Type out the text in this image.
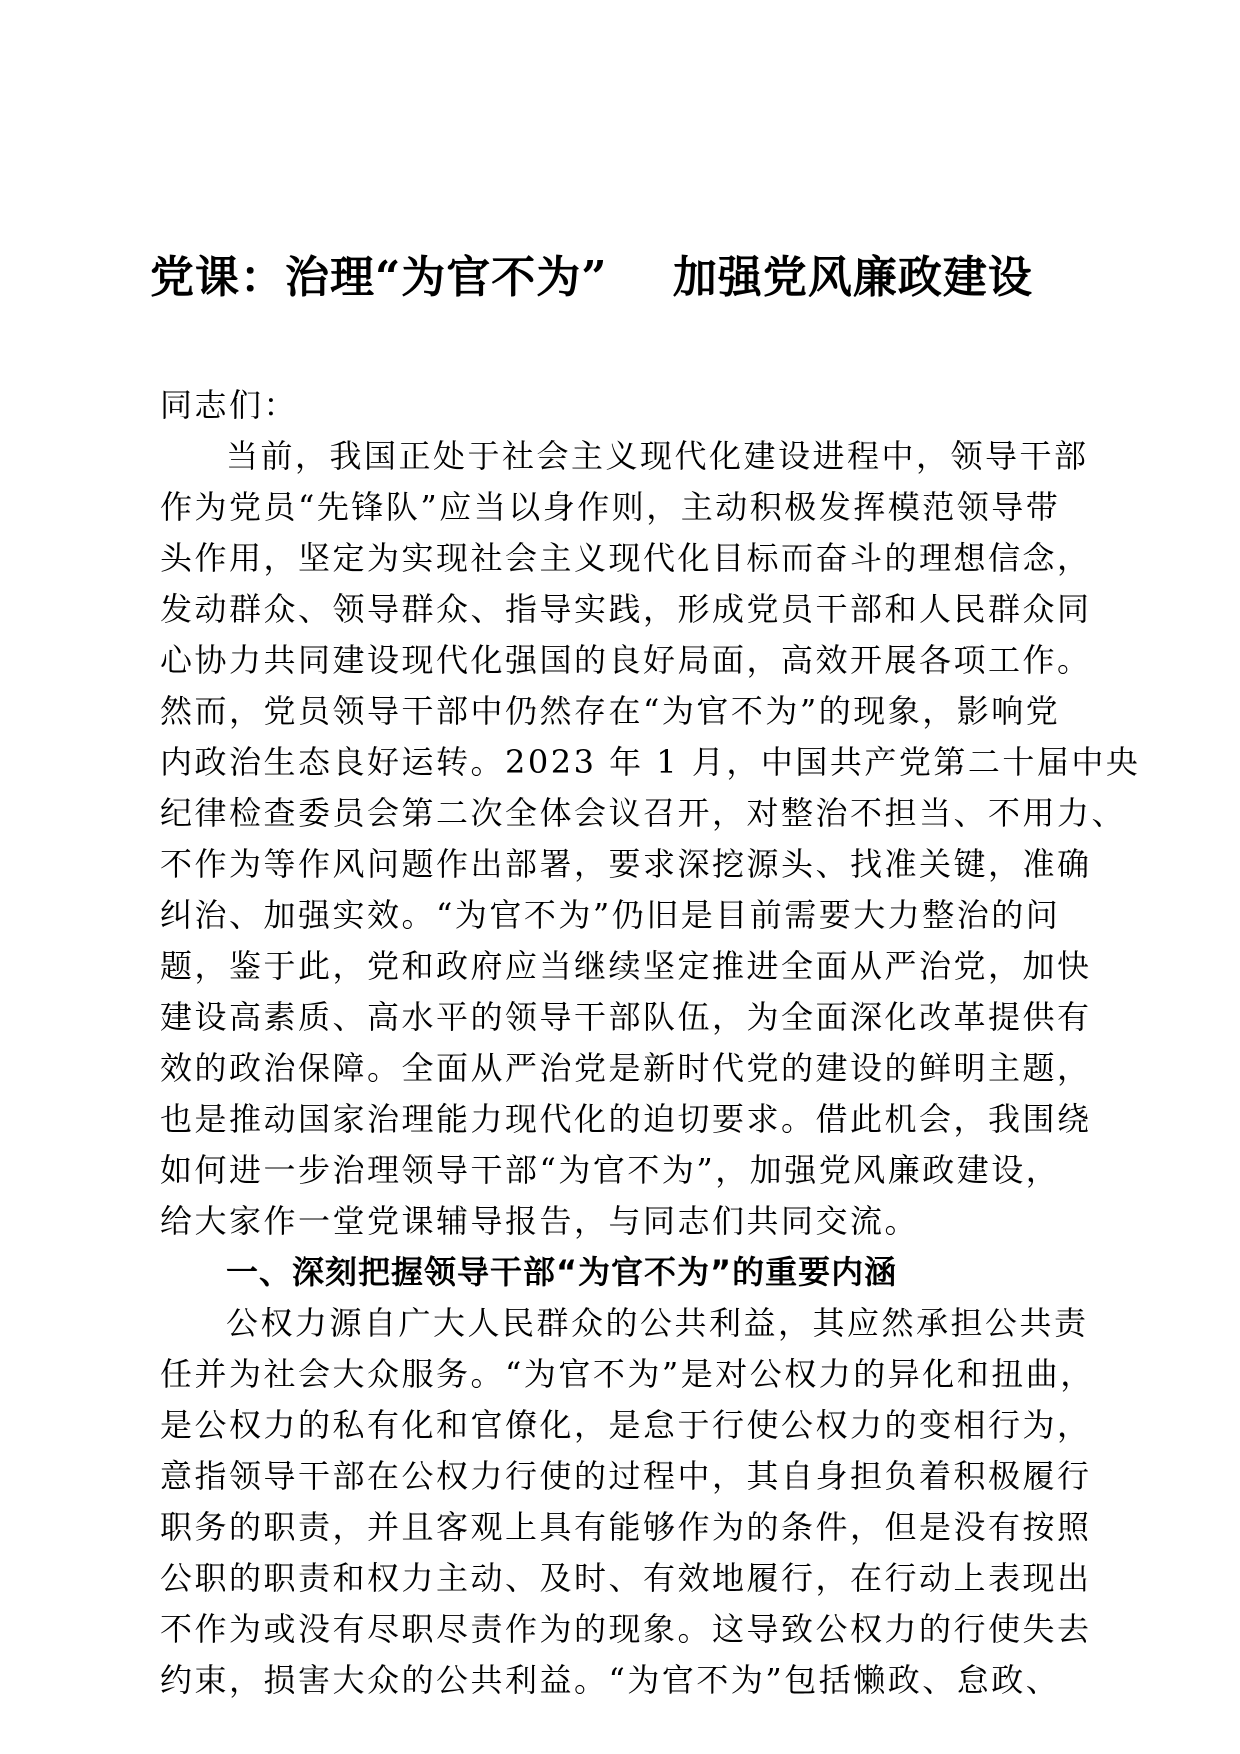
党课：治理“为官不为”    加强党风廉政建设
同志们：
当前，我国正处于社会主义现代化建设进程中，领导干部
作为党员“先锋队”应当以身作则，主动积极发挥模范领导带
头作用，坚定为实现社会主义现代化目标而奋斗的理想信念，
发动群众、领导群众、指导实践，形成党员干部和人民群众同
心协力共同建设现代化强国的良好局面，高效开展各项工作。
然而，党员领导干部中仍然存在“为官不为”的现象，影响党
内政治生态良好运转。2023 年 1 月，中国共产党第二十届中央
纪律检查委员会第二次全体会议召开，对整治不担当、不用力、
不作为等作风问题作出部署，要求深挖源头、找准关键，准确
纠治、加强实效。“为官不为”仍旧是目前需要大力整治的问
题，鉴于此，党和政府应当继续坚定推进全面从严治党，加快
建设高素质、高水平的领导干部队伍，为全面深化改革提供有
效的政治保障。全面从严治党是新时代党的建设的鲜明主题，
也是推动国家治理能力现代化的迫切要求。借此机会，我围绕
如何进一步治理领导干部“为官不为”，加强党风廉政建设，
给大家作一堂党课辅导报告，与同志们共同交流。
一、深刻把握领导干部“为官不为”的重要内涵
公权力源自广大人民群众的公共利益，其应然承担公共责
任并为社会大众服务。“为官不为”是对公权力的异化和扭曲，
是公权力的私有化和官僚化，是怠于行使公权力的变相行为，
意指领导干部在公权力行使的过程中，其自身担负着积极履行
职务的职责，并且客观上具有能够作为的条件，但是没有按照
公职的职责和权力主动、及时、有效地履行，在行动上表现出
不作为或没有尽职尽责作为的现象。这导致公权力的行使失去
约束，损害大众的公共利益。“为官不为”包括懒政、怠政、
